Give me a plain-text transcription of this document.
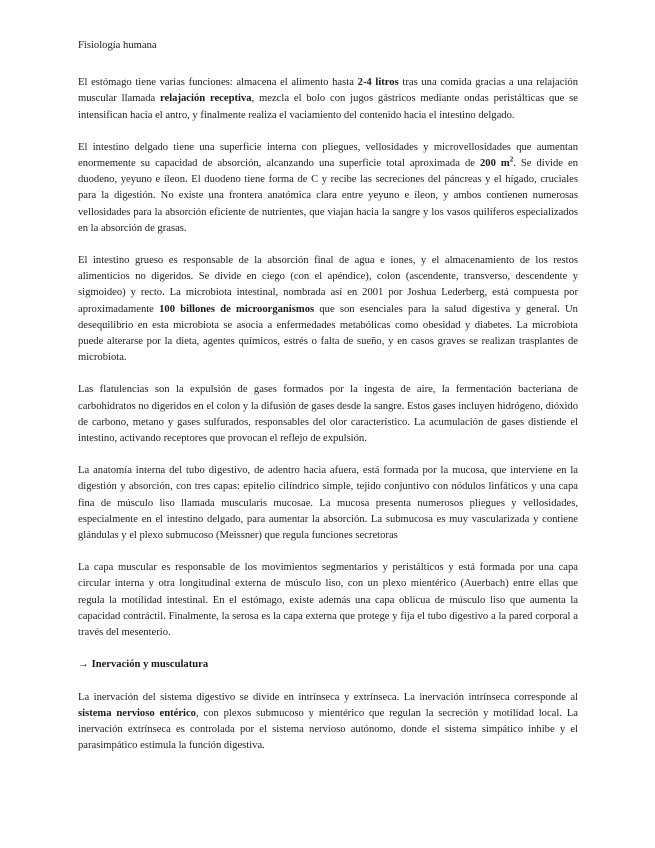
Fisiología humana

El estómago tiene varias funciones: almacena el alimento hasta 2-4 litros tras una comida gracias a una relajación muscular llamada relajación receptiva, mezcla el bolo con jugos gástricos mediante ondas peristálticas que se intensifican hacia el antro, y finalmente realiza el vaciamiento del contenido hacia el intestino delgado.

El intestino delgado tiene una superficie interna con pliegues, vellosidades y microvellosidades que aumentan enormemente su capacidad de absorción, alcanzando una superficie total aproximada de 200 $m^2$. Se divide en duodeno, yeyuno e íleon. El duodeno tiene forma de C y recibe las secreciones del páncreas y el hígado, cruciales para la digestión. No existe una frontera anatómica clara entre yeyuno e íleon, y ambos contienen numerosas vellosidades para la absorción eficiente de nutrientes, que viajan hacia la sangre y los vasos quilíferos especializados en la absorción de grasas.

El intestino grueso es responsable de la absorción final de agua e iones, y el almacenamiento de los restos alimenticios no digeridos. Se divide en ciego (con el apéndice), colon (ascendente, transverso, descendente y sigmoideo) y recto. La microbiota intestinal, nombrada así en 2001 por Joshua Lederberg, está compuesta por aproximadamente 100 billones de microorganismos que son esenciales para la salud digestiva y general. Un desequilibrio en esta microbiota se asocia a enfermedades metabólicas como obesidad y diabetes. La microbiota puede alterarse por la dieta, agentes químicos, estrés o falta de sueño, y en casos graves se realizan trasplantes de microbiota.

Las flatulencias son la expulsión de gases formados por la ingesta de aire, la fermentación bacteriana de carbohidratos no digeridos en el colon y la difusión de gases desde la sangre. Estos gases incluyen hidrógeno, dióxido de carbono, metano y gases sulfurados, responsables del olor característico. La acumulación de gases distiende el intestino, activando receptores que provocan el reflejo de expulsión.

La anatomía interna del tubo digestivo, de adentro hacia afuera, está formada por la mucosa, que interviene en la digestión y absorción, con tres capas: epitelio cilíndrico simple, tejido conjuntivo con nódulos linfáticos y una capa fina de músculo liso llamada muscularis mucosae. La mucosa presenta numerosos pliegues y vellosidades, especialmente en el intestino delgado, para aumentar la absorción. La submucosa es muy vascularizada y contiene glándulas y el plexo submucoso (Meissner) que regula funciones secretoras

La capa muscular es responsable de los movimientos segmentarios y peristálticos y está formada por una capa circular interna y otra longitudinal externa de músculo liso, con un plexo mientérico (Auerbach) entre ellas que regula la motilidad intestinal. En el estómago, existe además una capa oblicua de músculo liso que aumenta la capacidad contráctil. Finalmente, la serosa es la capa externa que protege y fija el tubo digestivo a la pared corporal a través del mesenterio.

→ Inervación y musculatura

La inervación del sistema digestivo se divide en intrínseca y extrínseca. La inervación intrínseca corresponde al sistema nervioso entérico, con plexos submucoso y mientérico que regulan la secreción y motilidad local. La inervación extrínseca es controlada por el sistema nervioso autónomo, donde el sistema simpático inhibe y el parasimpático estimula la función digestiva.
